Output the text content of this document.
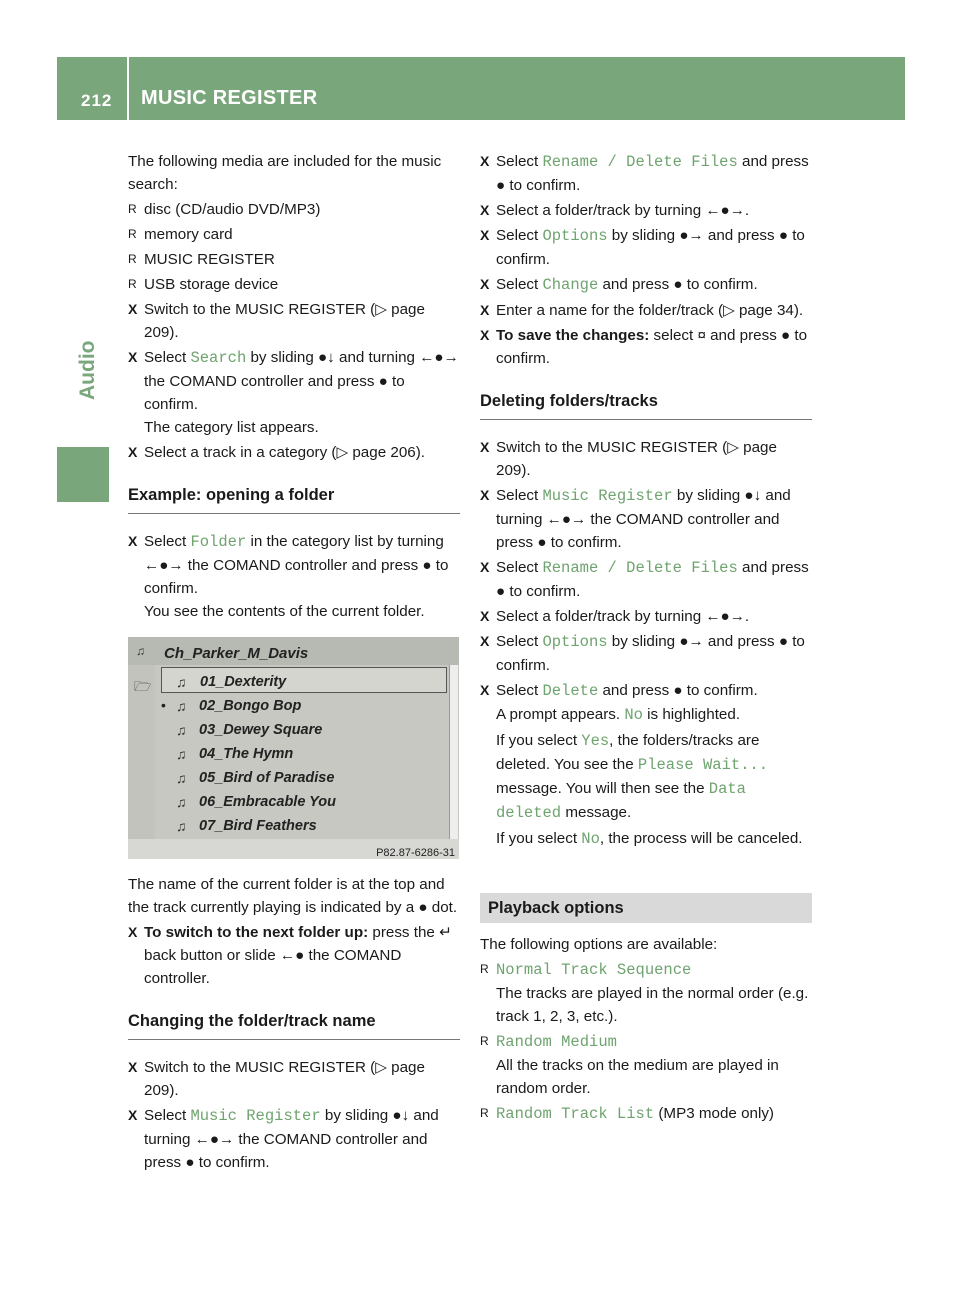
212 MUSIC REGISTER
Audio

The following media are included for the music search:

R disc (CD/audio DVD/MP3)
R memory card
R MUSIC REGISTER
R USB storage device
X Switch to the MUSIC REGISTER (▷ page 209).
X Select Search by sliding ●↓ and turning ←●→ the COMAND controller and press ● to confirm.
The category list appears.
X Select a track in a category (▷ page 206).
Example: opening a folder
X Select Folder in the category list by turning ←●→ the COMAND controller and press ● to confirm.
You see the contents of the current folder.
♫ Ch_Parker_M_Davis
🗁 ♫ 01_Dexterity
• ♫ 02_Bongo Bop
♫ 03_Dewey Square
♫ 04_The Hymn
♫ 05_Bird of Paradise
♫ 06_Embracable You
♫ 07_Bird Feathers
P82.87-6286-31

The name of the current folder is at the top and the track currently playing is indicated by a ● dot.

X To switch to the next folder up: press the ↵ back button or slide ←● the COMAND controller.
Changing the folder/track name
X Switch to the MUSIC REGISTER (▷ page 209).
X Select Music Register by sliding ●↓ and turning ←●→ the COMAND controller and press ● to confirm.
X Select Rename / Delete Files and press ● to confirm.
X Select a folder/track by turning ←●→.
X Select Options by sliding ●→ and press ● to confirm.
X Select Change and press ● to confirm.
X Enter a name for the folder/track (▷ page 34).
X To save the changes: select ¤ and press ● to confirm.
Deleting folders/tracks
X Switch to the MUSIC REGISTER (▷ page 209).
X Select Music Register by sliding ●↓ and turning ←●→ the COMAND controller and press ● to confirm.
X Select Rename / Delete Files and press ● to confirm.
X Select a folder/track by turning ←●→.
X Select Options by sliding ●→ and press ● to confirm.
X Select Delete and press ● to confirm.

A prompt appears. No is highlighted.

If you select Yes, the folders/tracks are deleted. You see the Please Wait... message. You will then see the Data deleted message.

If you select No, the process will be canceled.

Playback options

The following options are available:

R Normal Track Sequence
The tracks are played in the normal order (e.g. track 1, 2, 3, etc.).
R Random Medium
All the tracks on the medium are played in random order.
R Random Track List (MP3 mode only)
